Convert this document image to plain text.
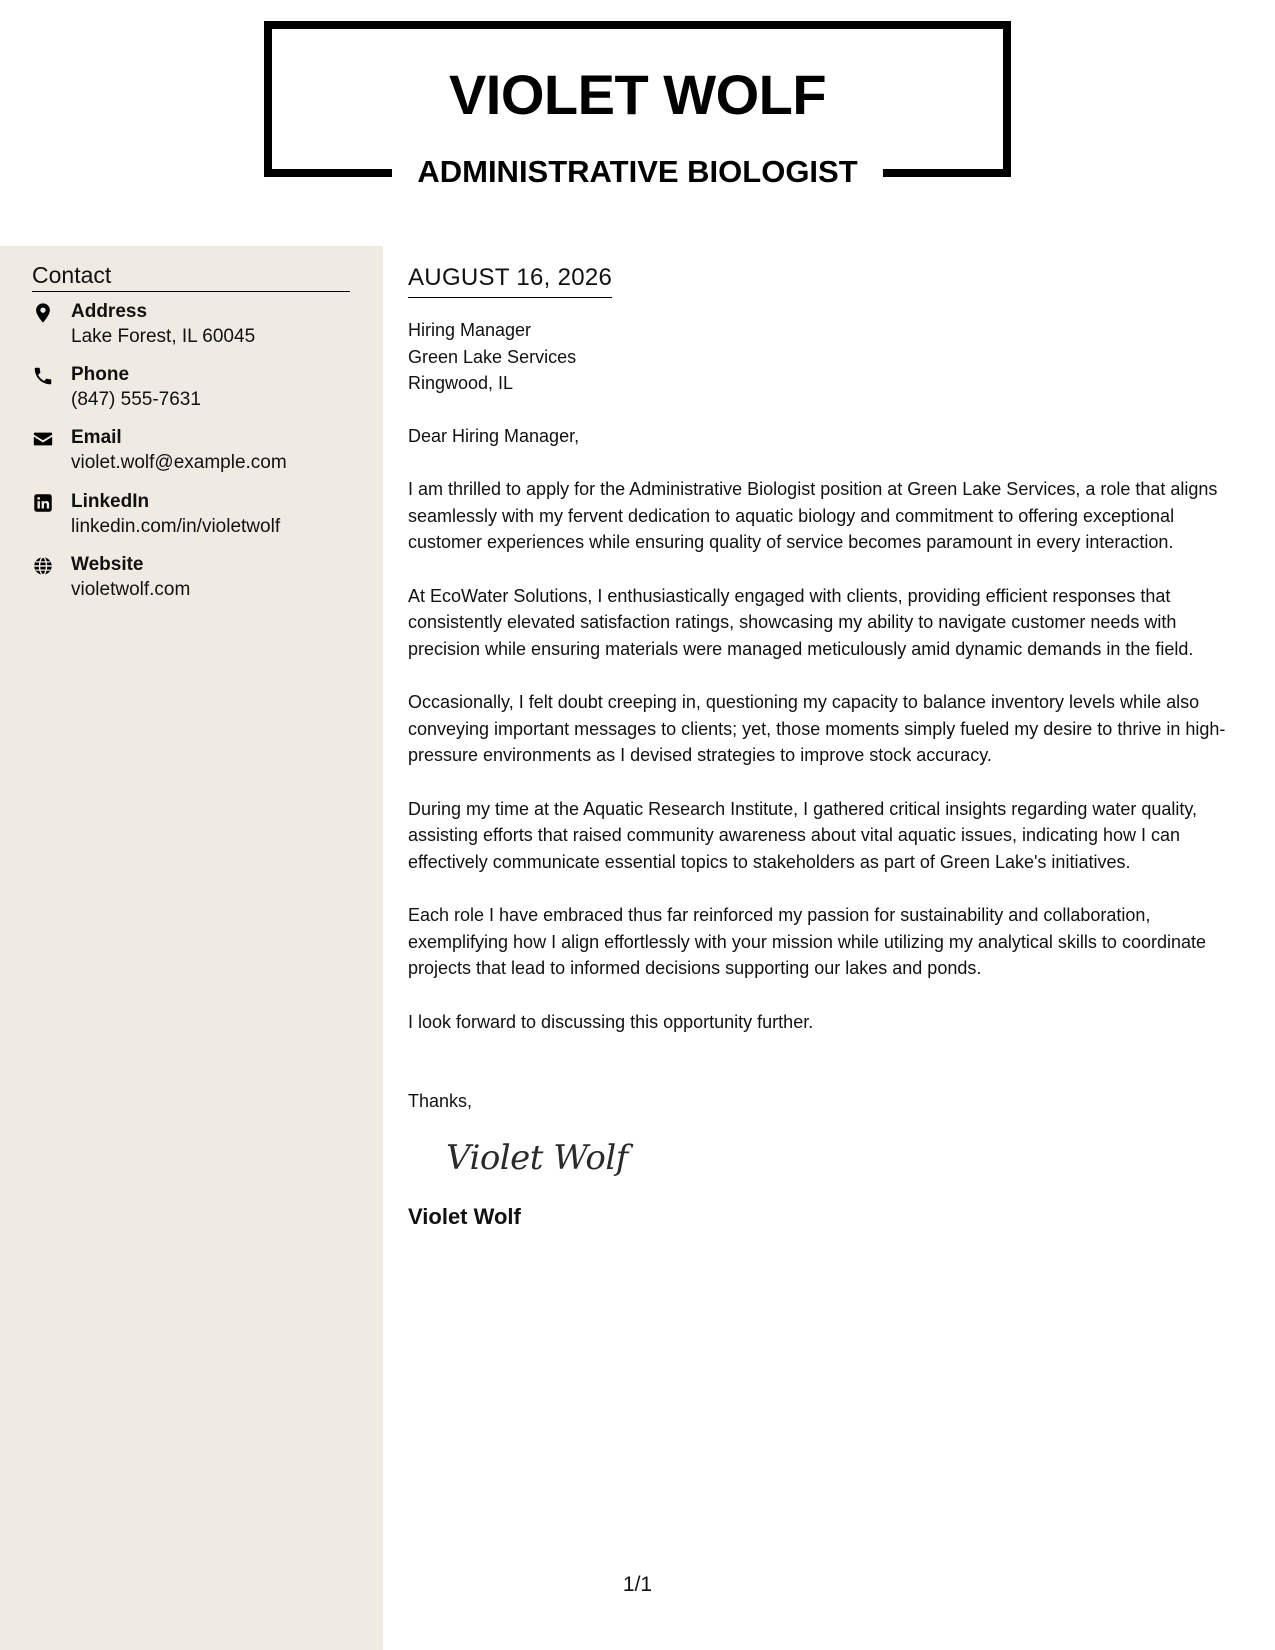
VIOLET WOLF
ADMINISTRATIVE BIOLOGIST
Contact
Address
Lake Forest, IL 60045
Phone
(847) 555-7631
Email
violet.wolf@example.com
LinkedIn
linkedin.com/in/violetwolf
Website
violetwolf.com
AUGUST 16, 2026
Hiring Manager
Green Lake Services
Ringwood, IL
Dear Hiring Manager,

I am thrilled to apply for the Administrative Biologist position at Green Lake Services, a role that aligns seamlessly with my fervent dedication to aquatic biology and commitment to offering exceptional customer experiences while ensuring quality of service becomes paramount in every interaction.

At EcoWater Solutions, I enthusiastically engaged with clients, providing efficient responses that consistently elevated satisfaction ratings, showcasing my ability to navigate customer needs with precision while ensuring materials were managed meticulously amid dynamic demands in the field.

Occasionally, I felt doubt creeping in, questioning my capacity to balance inventory levels while also conveying important messages to clients; yet, those moments simply fueled my desire to thrive in high-pressure environments as I devised strategies to improve stock accuracy.

During my time at the Aquatic Research Institute, I gathered critical insights regarding water quality, assisting efforts that raised community awareness about vital aquatic issues, indicating how I can effectively communicate essential topics to stakeholders as part of Green Lake's initiatives.

Each role I have embraced thus far reinforced my passion for sustainability and collaboration, exemplifying how I align effortlessly with your mission while utilizing my analytical skills to coordinate projects that lead to informed decisions supporting our lakes and ponds.

I look forward to discussing this opportunity further.

Thanks,
Violet Wolf
Violet Wolf
1/1
